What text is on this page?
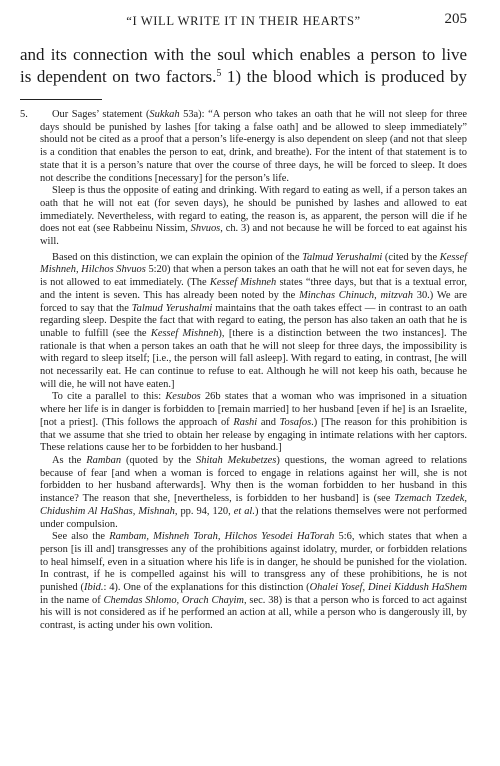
“I WILL WRITE IT IN THEIR HEARTS”	205
and its connection with the soul which enables a person to live
is dependent on two factors.$^5$ 1) the blood which is produced by
5.	Our Sages’ statement (Sukkah 53a): “A person who takes an oath that he will not sleep for three days should be punished by lashes [for taking a false oath] and be allowed to sleep immediately” should not be cited as a proof that a person’s life-energy is also dependent on sleep (and not that sleep is a condition that enables the person to eat, drink, and breathe). For the intent of that statement is to state that it is a person’s nature that over the course of three days, he will be forced to sleep. It does not describe the conditions [necessary] for the person’s life.

Sleep is thus the opposite of eating and drinking. With regard to eating as well, if a person takes an oath that he will not eat (for seven days), he should be punished by lashes and allowed to eat immediately. Nevertheless, with regard to eating, the reason is, as apparent, the person will die if he does not eat (see Rabbeinu Nissim, Shvuos, ch. 3) and not because he will be forced to eat against his will.

Based on this distinction, we can explain the opinion of the Talmud Yerushalmi (cited by the Kessef Mishneh, Hilchos Shvuos 5:20) that when a person takes an oath that he will not eat for seven days, he is not allowed to eat immediately. (The Kessef Mishneh states “three days, but that is a textual error, and the intent is seven. This has already been noted by the Minchas Chinuch, mitzvah 30.) We are forced to say that the Talmud Yerushalmi maintains that the oath takes effect — in contrast to an oath regarding sleep. Despite the fact that with regard to eating, the person has also taken an oath that he is unable to fulfill (see the Kessef Mishneh), [there is a distinction between the two instances]. The rationale is that when a person takes an oath that he will not sleep for three days, the impossibility is with regard to sleep itself; [i.e., the person will fall asleep]. With regard to eating, in contrast, [he will not necessarily eat. He can continue to refuse to eat. Although he will not keep his oath, because he will die, he will not have eaten.]

To cite a parallel to this: Kesubos 26b states that a woman who was imprisoned in a situation where her life is in danger is forbidden to [remain married] to her husband [even if he] is an Israelite, [not a priest]. (This follows the approach of Rashi and Tosafos.) [The reason for this prohibition is that we assume that she tried to obtain her release by engaging in intimate relations with her captors. These relations cause her to be forbidden to her husband.]

As the Ramban (quoted by the Shitah Mekubetzes) questions, the woman agreed to relations because of fear [and when a woman is forced to engage in relations against her will, she is not forbidden to her husband afterwards]. Why then is the woman forbidden to her husband in this instance? The reason that she, [nevertheless, is forbidden to her husband] is (see Tzemach Tzedek, Chidushim Al HaShas, Mishnah, pp. 94, 120, et al.) that the relations themselves were not performed under compulsion.

See also the Rambam, Mishneh Torah, Hilchos Yesodei HaTorah 5:6, which states that when a person [is ill and] transgresses any of the prohibitions against idolatry, murder, or forbidden relations to heal himself, even in a situation where his life is in danger, he should be punished for the violation. In contrast, if he is compelled against his will to transgress any of these prohibitions, he is not punished (Ibid.: 4). One of the explanations for this distinction (Ohalei Yosef, Dinei Kiddush HaShem in the name of Chemdas Shlomo, Orach Chayim, sec. 38) is that a person who is forced to act against his will is not considered as if he performed an action at all, while a person who is dangerously ill, by contrast, is acting under his own volition.
